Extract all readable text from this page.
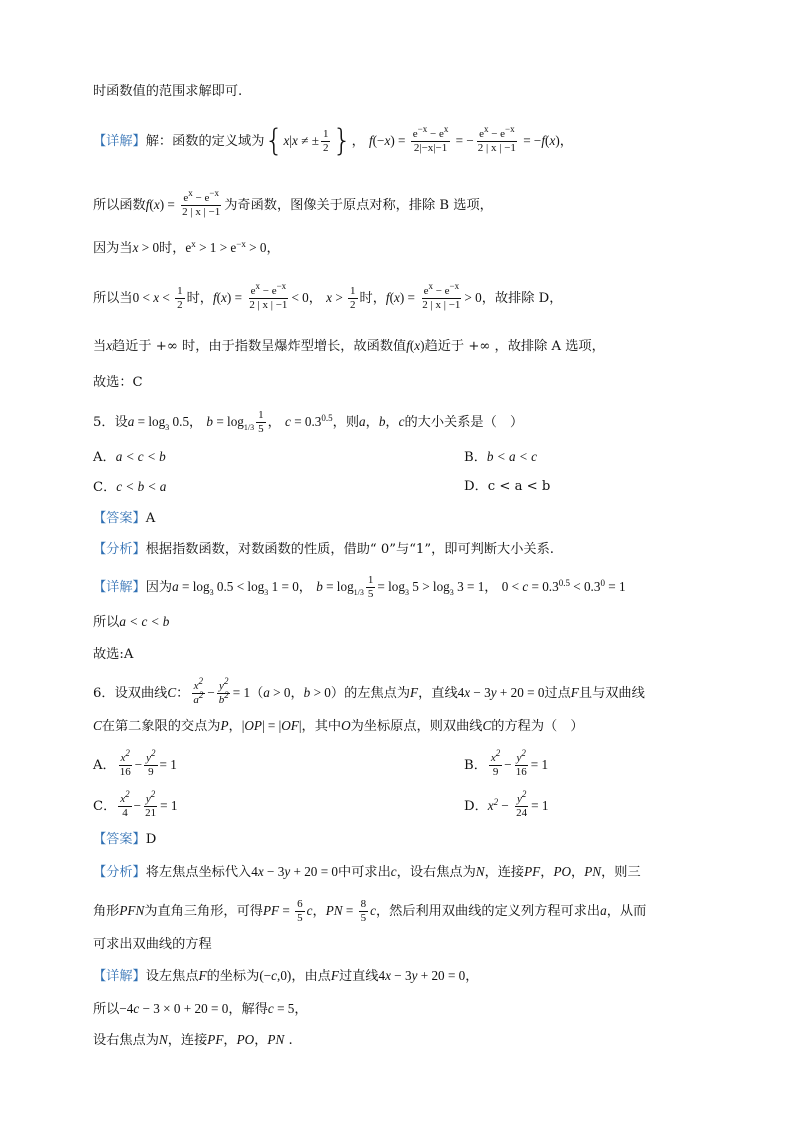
时函数值的范围求解即可.
【详解】解：函数的定义域为{x|x ≠ ± $\frac{1}{2}$ }， $f(-x) = \frac{e^{-x} - e^x}{2|-x|-1}$ = − $\frac{e^x - e^{-x}}{2 | x | -1} = -f(x)$，
所以函数$f(x) = \frac{e^x - e^{-x}}{2 | x | -1}$ 为奇函数，图像关于原点对称，排除 B 选项，
因为当x > 0时，$e^x > 1 > e^{-x} > 0$，
所以当$0 < x < \frac{1}{2}$ 时，$f(x) = \frac{e^x - e^{-x}}{2 | x | -1} < 0$， $x > \frac{1}{2}$ 时，$f(x) = \frac{e^x - e^{-x}}{2 | x | -1} > 0$，故排除 D，
当x趋近于 +∞ 时，由于指数呈爆炸型增长，故函数值f(x)趋近于 +∞ ，故排除 A 选项，
故选：C
5．设$a = \log_3 0.5$， $b = \log_{1/3} \frac{1}{5}$ ， $c = 0.3^{0.5}$，则a，b，c的大小关系是（　）
A．a < c < b	B．b < a < c
C．c < b < a	D．c < a < b
【答案】A
【分析】根据指数函数，对数函数的性质，借助“ 0”与“1”，即可判断大小关系.
【详解】因为$a = \log_3 0.5 < \log_3 1 = 0$， $b = \log_{1/3} \frac{1}{5} = \log_3 5 > \log_3 3 = 1$， $0 < c = 0.3^{0.5} < 0.3^0 = 1$
所以a < c < b
故选:A
6．设双曲线C： $\frac{x^2}{a^2} - \frac{y^2}{b^2} = 1(a > 0$，b > 0）的左焦点为F，直线4x − 3y + 20 = 0过点F且与双曲线
C在第二象限的交点为P，|OP| = |OF|，其中O为坐标原点，则双曲线C的方程为（　）
A． $\frac{x^2}{16} - \frac{y^2}{9} = 1$	B． $\frac{x^2}{9} - \frac{y^2}{16} = 1$
C． $\frac{x^2}{4} - \frac{y^2}{21} = 1$	D．$x^2 - \frac{y^2}{24} = 1$
【答案】D
【分析】将左焦点坐标代入4x − 3y + 20 = 0中可求出c，设右焦点为N，连接PF，PO，PN，则三
角形PFN为直角三角形，可得PF = $\frac{6}{5}$ c，PN = $\frac{8}{5}$ c，然后利用双曲线的定义列方程可求出a，从而
可求出双曲线的方程
【详解】设左焦点F的坐标为(−c,0)，由点F过直线4x − 3y + 20 = 0，
所以−4c − 3 × 0 + 20 = 0，解得c = 5，
设右焦点为N，连接PF，PO，PN .
